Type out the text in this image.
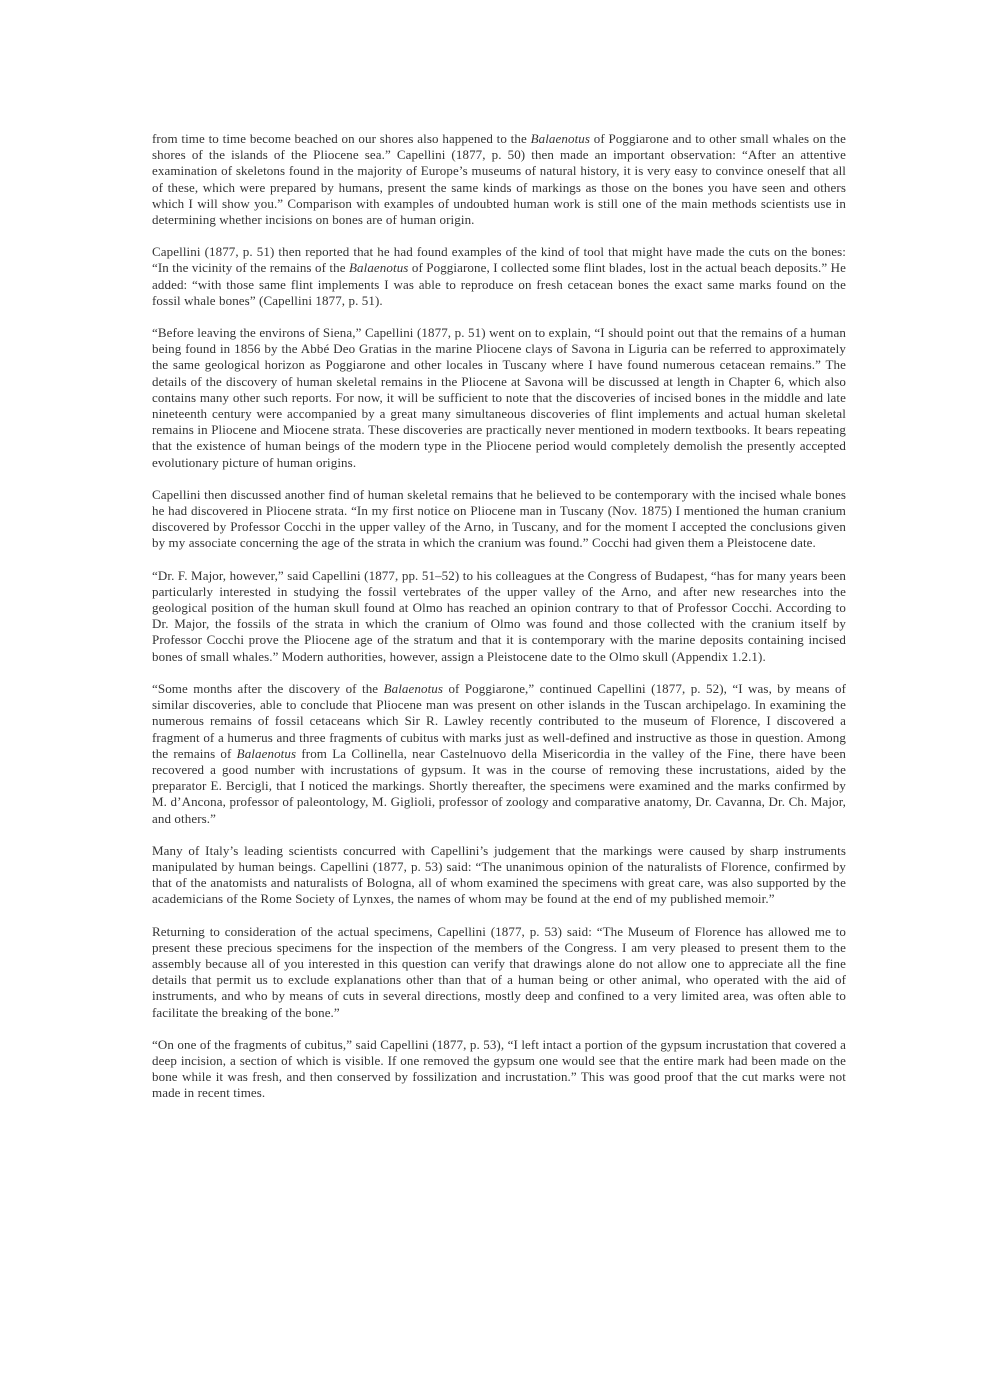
from time to time become beached on our shores also happened to the Balaenotus of Poggiarone and to other small whales on the shores of the islands of the Pliocene sea.” Capellini (1877, p. 50) then made an important observation: “After an attentive examination of skeletons found in the majority of Europe’s museums of natural history, it is very easy to convince oneself that all of these, which were prepared by humans, present the same kinds of markings as those on the bones you have seen and others which I will show you.” Comparison with examples of undoubted human work is still one of the main methods scientists use in determining whether incisions on bones are of human origin.

Capellini (1877, p. 51) then reported that he had found examples of the kind of tool that might have made the cuts on the bones: “In the vicinity of the remains of the Balaenotus of Poggiarone, I collected some flint blades, lost in the actual beach deposits.” He added: “with those same flint implements I was able to reproduce on fresh cetacean bones the exact same marks found on the fossil whale bones” (Capellini 1877, p. 51).

“Before leaving the environs of Siena,” Capellini (1877, p. 51) went on to explain, “I should point out that the remains of a human being found in 1856 by the Abbé Deo Gratias in the marine Pliocene clays of Savona in Liguria can be referred to approximately the same geological horizon as Poggiarone and other locales in Tuscany where I have found numerous cetacean remains.” The details of the discovery of human skeletal remains in the Pliocene at Savona will be discussed at length in Chapter 6, which also contains many other such reports. For now, it will be sufficient to note that the discoveries of incised bones in the middle and late nineteenth century were accompanied by a great many simultaneous discoveries of flint implements and actual human skeletal remains in Pliocene and Miocene strata. These discoveries are practically never mentioned in modern textbooks. It bears repeating that the existence of human beings of the modern type in the Pliocene period would completely demolish the presently accepted evolutionary picture of human origins.

Capellini then discussed another find of human skeletal remains that he believed to be contemporary with the incised whale bones he had discovered in Pliocene strata. “In my first notice on Pliocene man in Tuscany (Nov. 1875) I mentioned the human cranium discovered by Professor Cocchi in the upper valley of the Arno, in Tuscany, and for the moment I accepted the conclusions given by my associate concerning the age of the strata in which the cranium was found.” Cocchi had given them a Pleistocene date.

“Dr. F. Major, however,” said Capellini (1877, pp. 51–52) to his colleagues at the Congress of Budapest, “has for many years been particularly interested in studying the fossil vertebrates of the upper valley of the Arno, and after new researches into the geological position of the human skull found at Olmo has reached an opinion contrary to that of Professor Cocchi. According to Dr. Major, the fossils of the strata in which the cranium of Olmo was found and those collected with the cranium itself by Professor Cocchi prove the Pliocene age of the stratum and that it is contemporary with the marine deposits containing incised bones of small whales.” Modern authorities, however, assign a Pleistocene date to the Olmo skull (Appendix 1.2.1).

“Some months after the discovery of the Balaenotus of Poggiarone,” continued Capellini (1877, p. 52), “I was, by means of similar discoveries, able to conclude that Pliocene man was present on other islands in the Tuscan archipelago. In examining the numerous remains of fossil cetaceans which Sir R. Lawley recently contributed to the museum of Florence, I discovered a fragment of a humerus and three fragments of cubitus with marks just as well-defined and instructive as those in question. Among the remains of Balaenotus from La Collinella, near Castelnuovo della Misericordia in the valley of the Fine, there have been recovered a good number with incrustations of gypsum. It was in the course of removing these incrustations, aided by the preparator E. Bercigli, that I noticed the markings. Shortly thereafter, the specimens were examined and the marks confirmed by M. d’Ancona, professor of paleontology, M. Giglioli, professor of zoology and comparative anatomy, Dr. Cavanna, Dr. Ch. Major, and others.”

Many of Italy’s leading scientists concurred with Capellini’s judgement that the markings were caused by sharp instruments manipulated by human beings. Capellini (1877, p. 53) said: “The unanimous opinion of the naturalists of Florence, confirmed by that of the anatomists and naturalists of Bologna, all of whom examined the specimens with great care, was also supported by the academicians of the Rome Society of Lynxes, the names of whom may be found at the end of my published memoir.”

Returning to consideration of the actual specimens, Capellini (1877, p. 53) said: “The Museum of Florence has allowed me to present these precious specimens for the inspection of the members of the Congress. I am very pleased to present them to the assembly because all of you interested in this question can verify that drawings alone do not allow one to appreciate all the fine details that permit us to exclude explanations other than that of a human being or other animal, who operated with the aid of instruments, and who by means of cuts in several directions, mostly deep and confined to a very limited area, was often able to facilitate the breaking of the bone.”

“On one of the fragments of cubitus,” said Capellini (1877, p. 53), “I left intact a portion of the gypsum incrustation that covered a deep incision, a section of which is visible. If one removed the gypsum one would see that the entire mark had been made on the bone while it was fresh, and then conserved by fossilization and incrustation.” This was good proof that the cut marks were not made in recent times.
